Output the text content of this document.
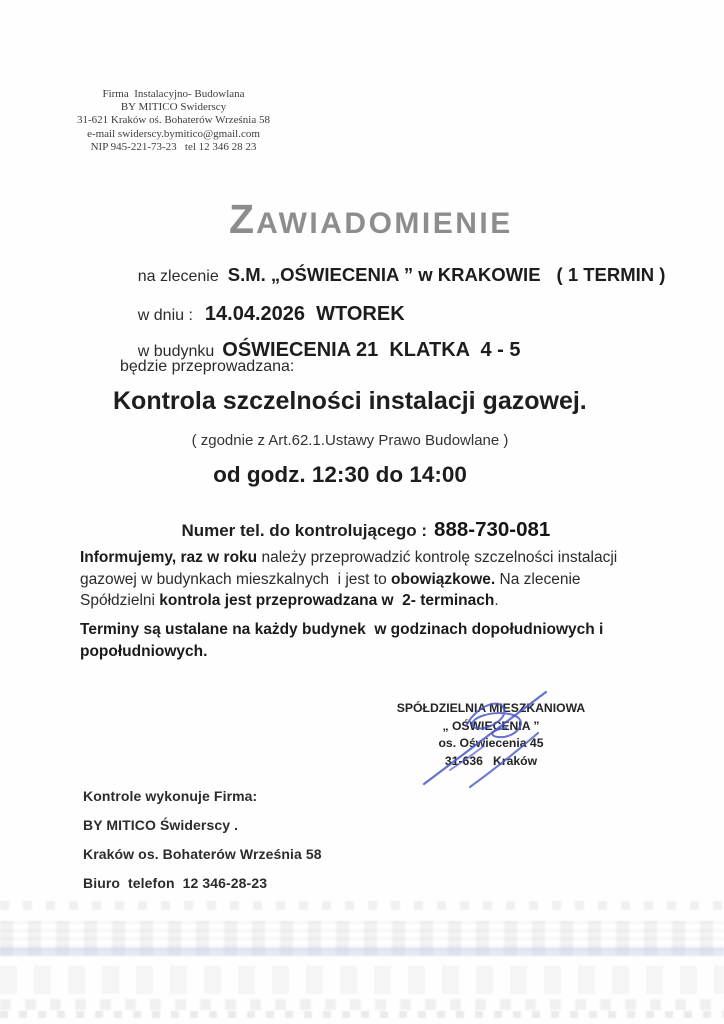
Firma  Instalacyjno- Budowlana
BY MITICO Swiderscy
31-621 Kraków oś. Bohaterów Września 58
e-mail swiderscy.bymitico@gmail.com
NIP 945-221-73-23   tel 12 346 28 23

ZAWIADOMIENIE

na zlecenie S.M. „OŚWIECENIA ” w KRAKOWIE ( 1 TERMIN )

w dniu : 14.04.2026  WTOREK

w budynku OŚWIECENIA 21  KLATKA  4 - 5

będzie przeprowadzana:
Kontrola szczelności instalacji gazowej.
( zgodnie z Art.62.1.Ustawy Prawo Budowlane )
od godz. 12:30 do 14:00

Numer tel. do kontrolującego : 888-730-081

Informujemy, raz w roku należy przeprowadzić kontrolę szczelności instalacji gazowej w budynkach mieszkalnych  i jest to obowiązkowe. Na zlecenie Spółdzielni kontrola jest przeprowadzana w  2- terminach.
Terminy są ustalane na każdy budynek  w godzinach dopołudniowych i popołudniowych.
SPÓŁDZIELNIA MIESZKANIOWA
„ OŚWIECENIA ”
os. Oświecenia 45
31-636   Kraków
Kontrole wykonuje Firma:
BY MITICO Świderscy .
Kraków os. Bohaterów Września 58
Biuro  telefon  12 346-28-23
